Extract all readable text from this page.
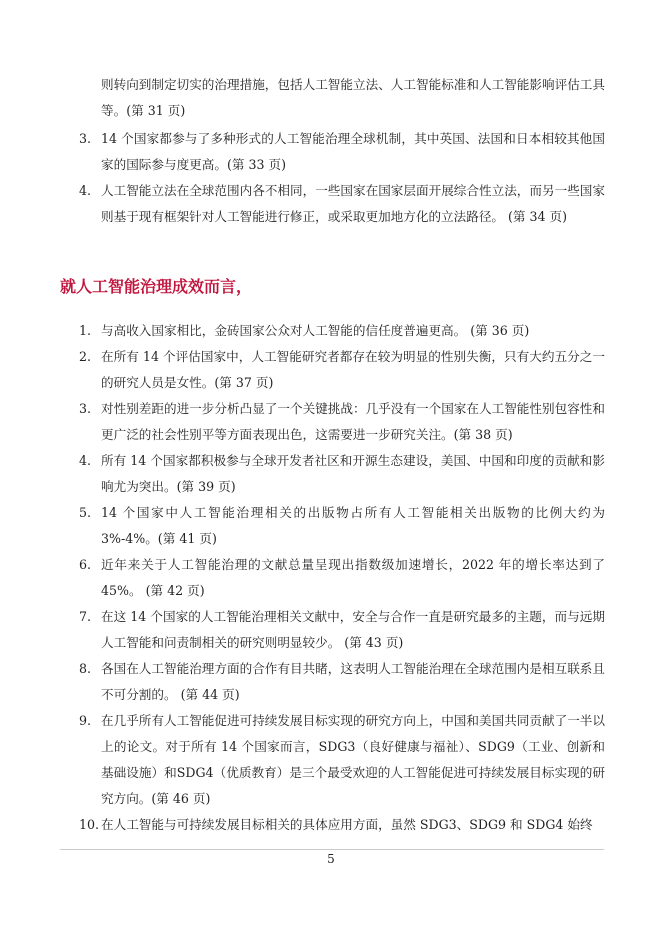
则转向到制定切实的治理措施，包括人工智能立法、人工智能标准和人工智能影响评估工具等。(第 31 页)
3. 14 个国家都参与了多种形式的人工智能治理全球机制，其中英国、法国和日本相较其他国家的国际参与度更高。(第 33 页)
4. 人工智能立法在全球范围内各不相同，一些国家在国家层面开展综合性立法，而另一些国家则基于现有框架针对人工智能进行修正，或采取更加地方化的立法路径。 (第 34 页)
就人工智能治理成效而言，
1. 与高收入国家相比，金砖国家公众对人工智能的信任度普遍更高。 (第 36 页)
2. 在所有 14 个评估国家中，人工智能研究者都存在较为明显的性别失衡，只有大约五分之一的研究人员是女性。(第 37 页)
3. 对性别差距的进一步分析凸显了一个关键挑战：几乎没有一个国家在人工智能性别包容性和更广泛的社会性别平等方面表现出色，这需要进一步研究关注。(第 38 页)
4. 所有 14 个国家都积极参与全球开发者社区和开源生态建设，美国、中国和印度的贡献和影响尤为突出。(第 39 页)
5. 14 个国家中人工智能治理相关的出版物占所有人工智能相关出版物的比例大约为 3%-4%。(第 41 页)
6. 近年来关于人工智能治理的文献总量呈现出指数级加速增长，2022 年的增长率达到了 45%。 (第 42 页)
7. 在这 14 个国家的人工智能治理相关文献中，安全与合作一直是研究最多的主题，而与远期人工智能和问责制相关的研究则明显较少。 (第 43 页)
8. 各国在人工智能治理方面的合作有目共睹，这表明人工智能治理在全球范围内是相互联系且不可分割的。 (第 44 页)
9. 在几乎所有人工智能促进可持续发展目标实现的研究方向上，中国和美国共同贡献了一半以上的论文。对于所有 14 个国家而言，SDG3（良好健康与福祉）、SDG9（工业、创新和基础设施）和SDG4（优质教育）是三个最受欢迎的人工智能促进可持续发展目标实现的研究方向。(第 46 页)
10. 在人工智能与可持续发展目标相关的具体应用方面，虽然 SDG3、SDG9 和 SDG4 始终
5
